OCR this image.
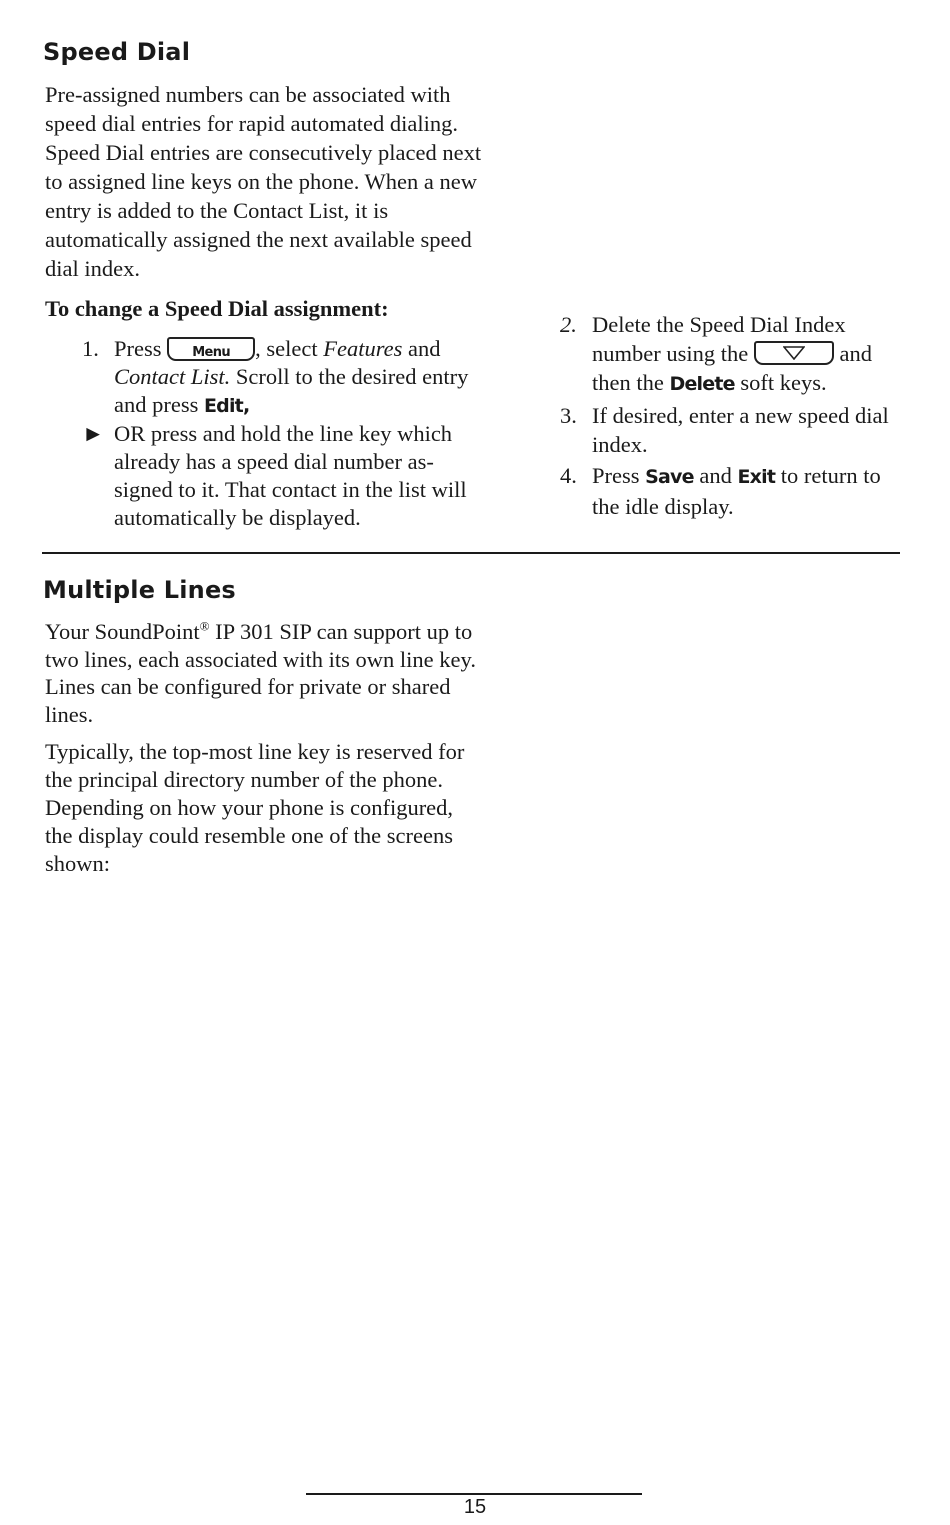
Speed Dial

Pre-assigned numbers can be associated with speed dial entries for rapid automated dialing. Speed Dial entries are consecutively placed next to assigned line keys on the phone. When a new entry is added to the Contact List, it is automatically assigned the next available speed dial index.

To change a Speed Dial assignment:

1. Press Menu , select Features and Contact List. Scroll to the desired entry and press Edit,
► OR press and hold the line key which already has a speed dial number as- signed to it. That contact in the list will automatically be displayed.
2. Delete the Speed Dial Index number using the	and then the Delete soft keys.
3. If desired, enter a new speed dial index.
4. Press Save and Exit to return to the idle display.
Multiple Lines

Your SoundPoint® IP 301 SIP can support up to two lines, each associated with its own line key. Lines can be configured for private or shared lines.

Typically, the top-most line key is reserved for the principal directory number of the phone. Depending on how your phone is configured, the display could resemble one of the screens shown:

15
